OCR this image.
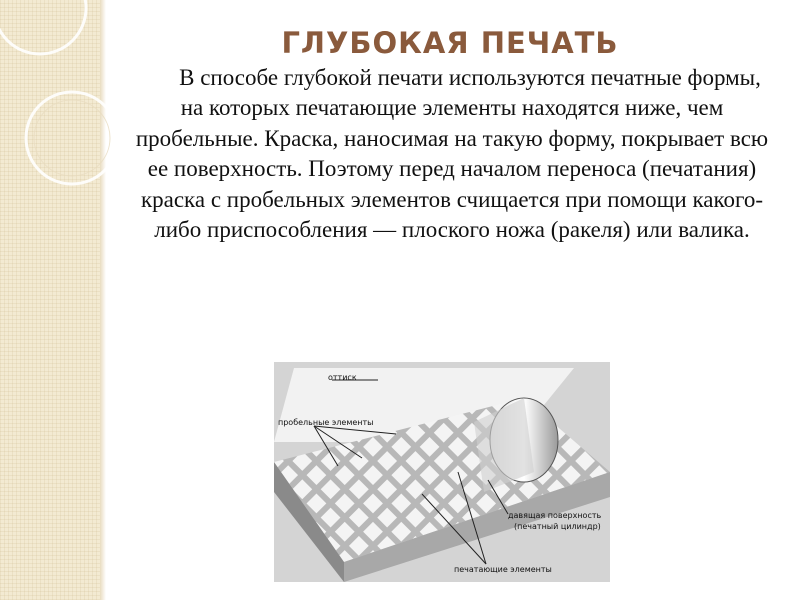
ГЛУБОКАЯ ПЕЧАТЬ
В способе глубокой печати используются печатные формы, на которых печатающие элементы находятся ниже, чем пробельные. Краска, наносимая на такую форму, покрывает всю ее поверхность. Поэтому перед началом переноса (печатания) краска с пробельных элементов счищается при помощи какого-либо приспособления — плоского ножа (ракеля) или валика.
оттиск
пробельные элементы
давящая поверхность
(печатный цилиндр)
печатающие элементы
